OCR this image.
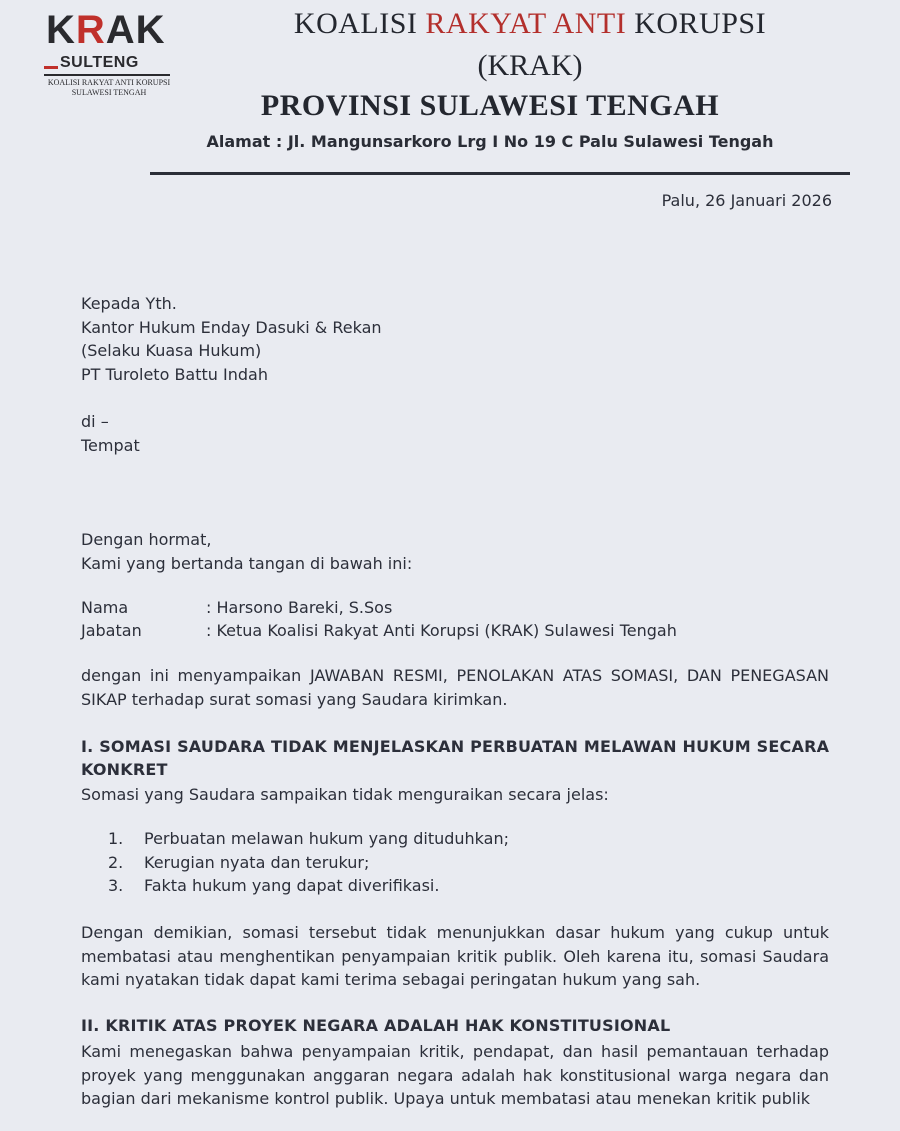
KRAK
SULTENG
KOALISI RAKYAT ANTI KORUPSI
SULAWESI TENGAH
KOALISI RAKYAT ANTI KORUPSI
(KRAK)
PROVINSI SULAWESI TENGAH
Alamat : Jl. Mangunsarkoro Lrg I No 19 C Palu Sulawesi Tengah
Palu, 26 Januari 2026
Kepada Yth.
Kantor Hukum Enday Dasuki & Rekan
(Selaku Kuasa Hukum)
PT Turoleto Battu Indah
di –
Tempat
Dengan hormat,
Kami yang bertanda tangan di bawah ini:
Nama	: Harsono Bareki, S.Sos
Jabatan	: Ketua Koalisi Rakyat Anti Korupsi (KRAK) Sulawesi Tengah

dengan ini menyampaikan JAWABAN RESMI, PENOLAKAN ATAS SOMASI, DAN PENEGASAN SIKAP terhadap surat somasi yang Saudara kirimkan.

I. SOMASI SAUDARA TIDAK MENJELASKAN PERBUATAN MELAWAN HUKUM SECARA KONKRET

Somasi yang Saudara sampaikan tidak menguraikan secara jelas:
1.	Perbuatan melawan hukum yang dituduhkan;
2.	Kerugian nyata dan terukur;
3.	Fakta hukum yang dapat diverifikasi.

Dengan demikian, somasi tersebut tidak menunjukkan dasar hukum yang cukup untuk membatasi atau menghentikan penyampaian kritik publik. Oleh karena itu, somasi Saudara kami nyatakan tidak dapat kami terima sebagai peringatan hukum yang sah.

II. KRITIK ATAS PROYEK NEGARA ADALAH HAK KONSTITUSIONAL

Kami menegaskan bahwa penyampaian kritik, pendapat, dan hasil pemantauan terhadap proyek yang menggunakan anggaran negara adalah hak konstitusional warga negara dan bagian dari mekanisme kontrol publik. Upaya untuk membatasi atau menekan kritik publik
